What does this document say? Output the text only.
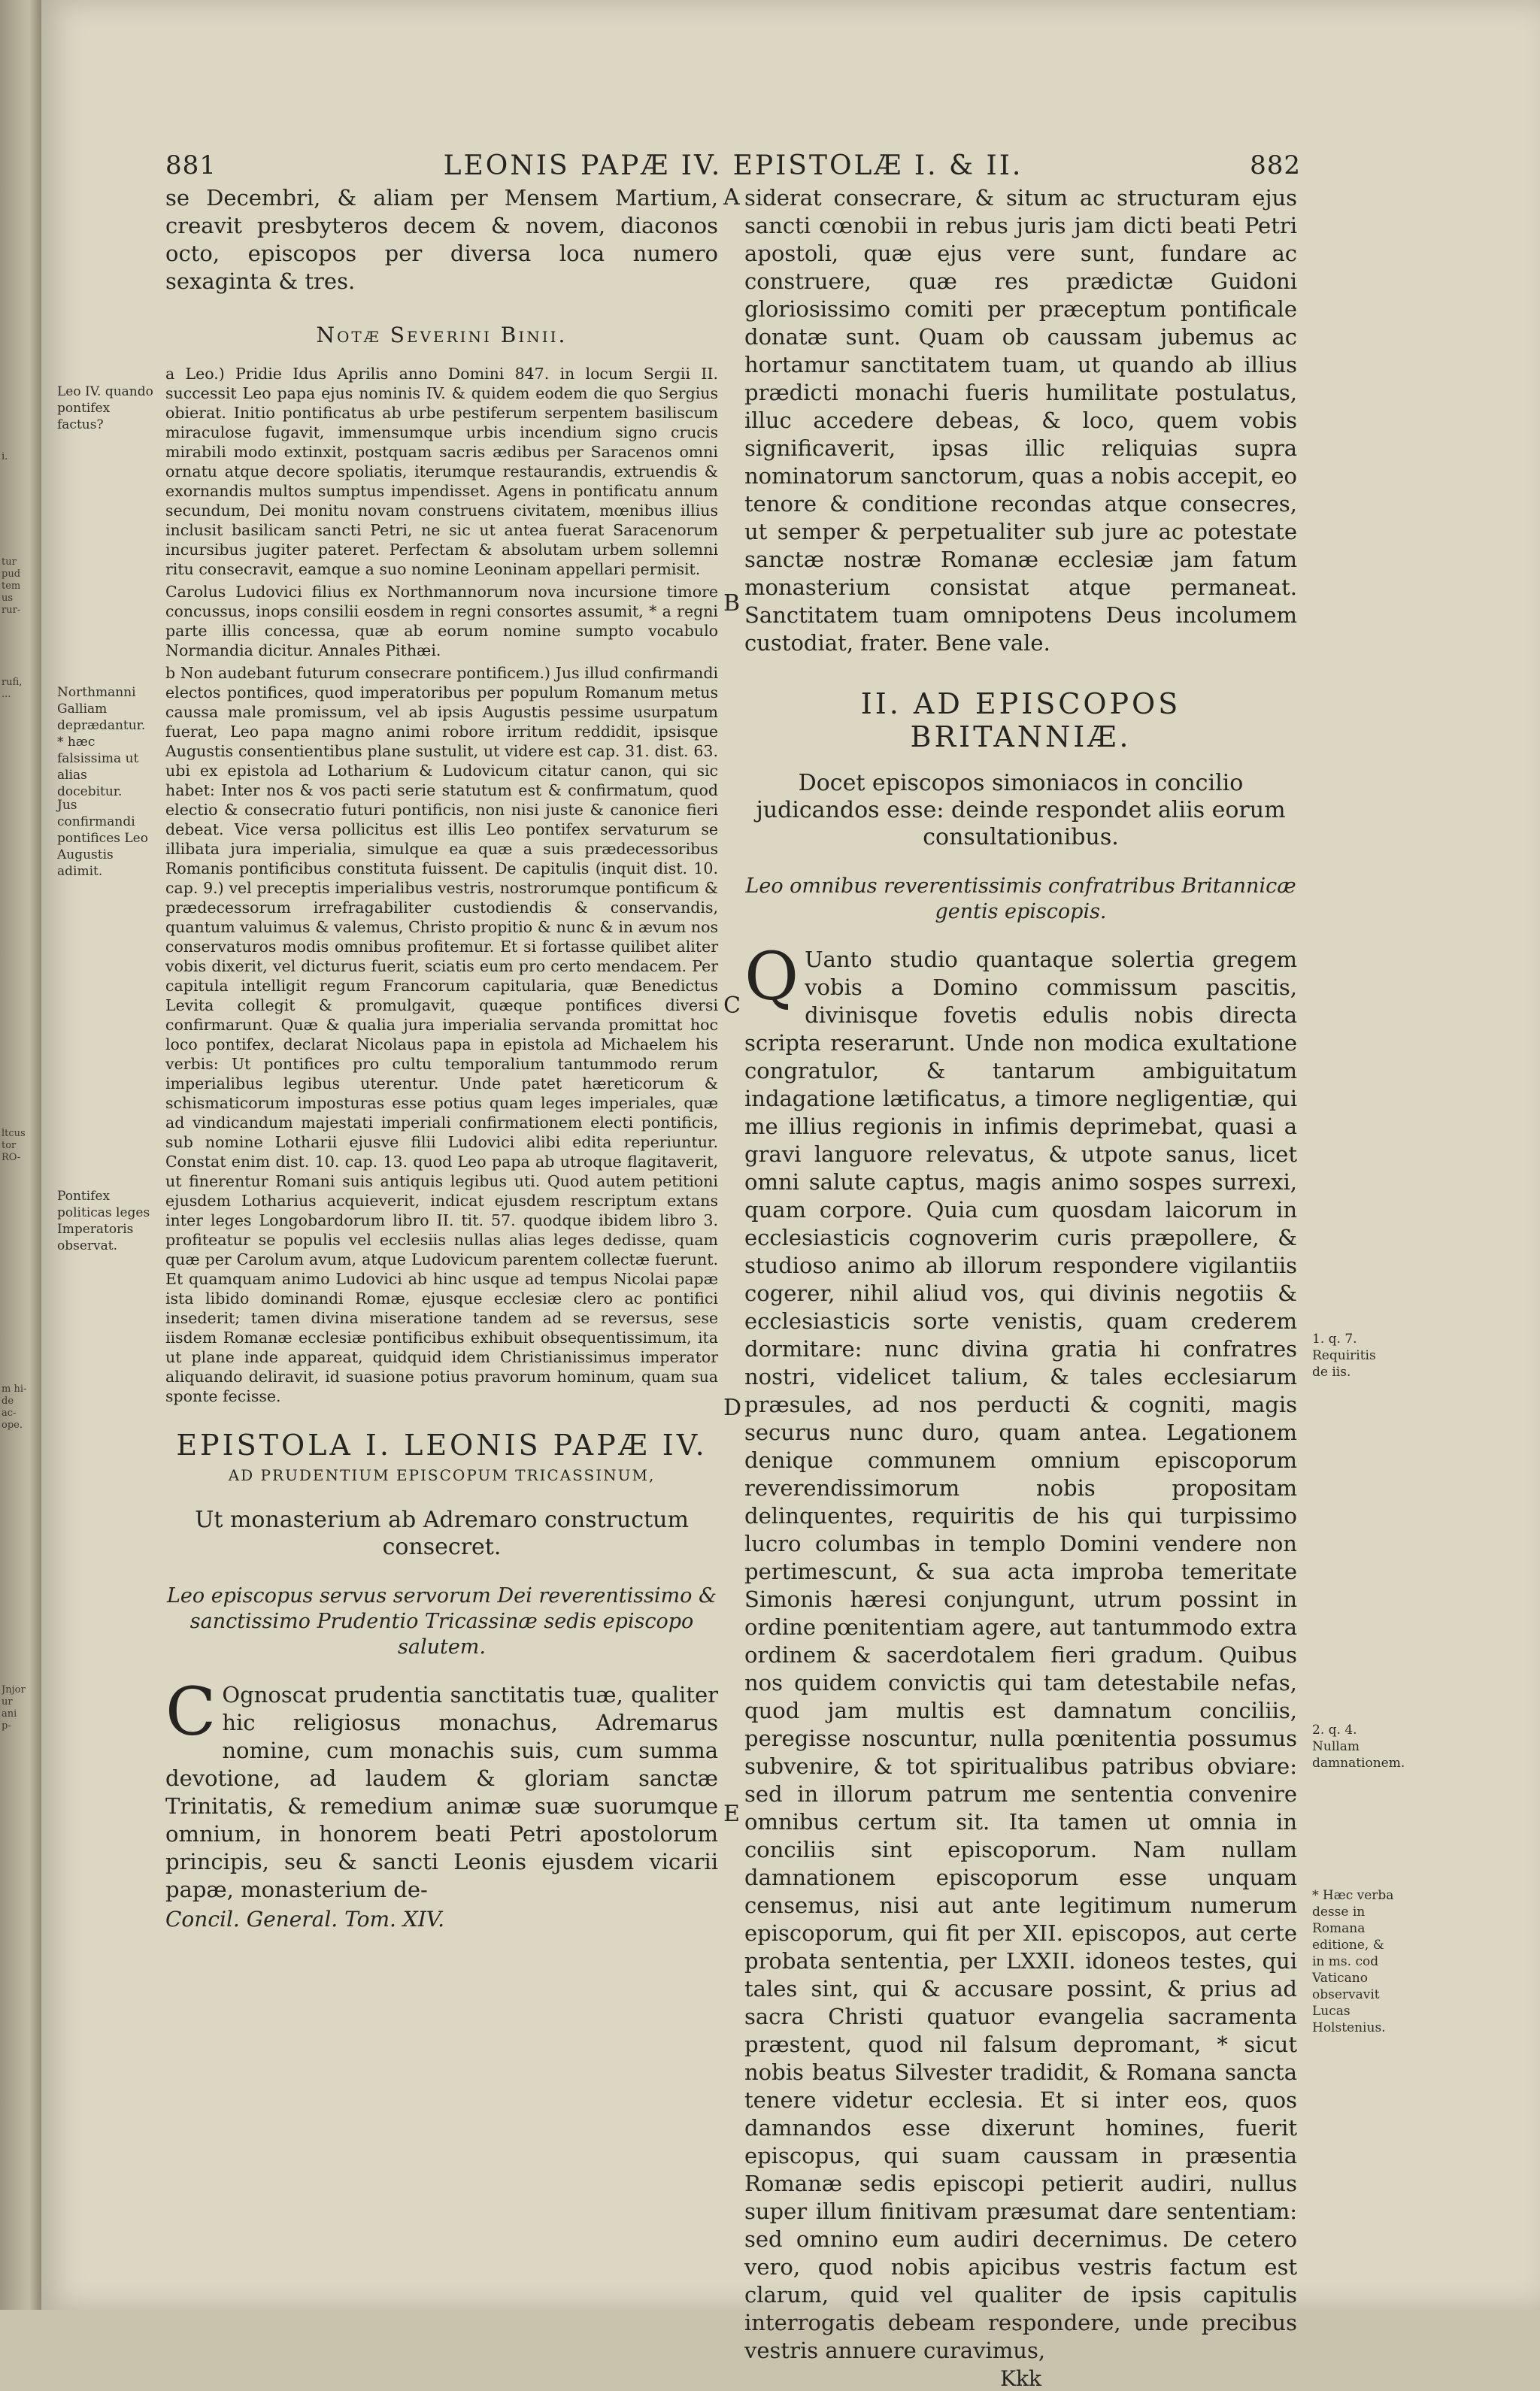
i.
tur pud tem us rur-
rufi, ...
ltcus tor RO-
m hi- de ac- ope.
Jnjor ur ani p-
881	LEONIS PAPÆ IV. EPISTOLÆ I. & II.	882

se Decembri, & aliam per Mensem Martium, creavit presbyteros decem & novem, diaconos octo, episcopos per diversa loca numero sexaginta & tres.

Notæ Severini Binii.

a Leo.) Pridie Idus Aprilis anno Domini 847. in locum Sergii II. successit Leo papa ejus nominis IV. & quidem eodem die quo Sergius obierat. Initio pontificatus ab urbe pestiferum serpentem basiliscum miraculose fugavit, immensumque urbis incendium signo crucis mirabili modo extinxit, postquam sacris ædibus per Saracenos omni ornatu atque decore spoliatis, iterumque restaurandis, extruendis & exornandis multos sumptus impendisset. Agens in pontificatu annum secundum, Dei monitu novam construens civitatem, mœnibus illius inclusit basilicam sancti Petri, ne sic ut antea fuerat Saracenorum incursibus jugiter pateret. Perfectam & absolutam urbem sollemni ritu consecravit, eamque a suo nomine Leoninam appellari permisit.

Carolus Ludovici filius ex Northmannorum nova incursione timore concussus, inops consilii eosdem in regni consortes assumit, * a regni parte illis concessa, quæ ab eorum nomine sumpto vocabulo Normandia dicitur. Annales Pithæi.

b Non audebant futurum consecrare pontificem.) Jus illud confirmandi electos pontifices, quod imperatoribus per populum Romanum metus caussa male promissum, vel ab ipsis Augustis pessime usurpatum fuerat, Leo papa magno animi robore irritum reddidit, ipsisque Augustis consentientibus plane sustulit, ut videre est cap. 31. dist. 63. ubi ex epistola ad Lotharium & Ludovicum citatur canon, qui sic habet: Inter nos & vos pacti serie statutum est & confirmatum, quod electio & consecratio futuri pontificis, non nisi juste & canonice fieri debeat. Vice versa pollicitus est illis Leo pontifex servaturum se illibata jura imperialia, simulque ea quæ a suis prædecessoribus Romanis pontificibus constituta fuissent. De capitulis (inquit dist. 10. cap. 9.) vel preceptis imperialibus vestris, nostrorumque pontificum & prædecessorum irrefragabiliter custodiendis & conservandis, quantum valuimus & valemus, Christo propitio & nunc & in ævum nos conservaturos modis omnibus profitemur. Et si fortasse quilibet aliter vobis dixerit, vel dicturus fuerit, sciatis eum pro certo mendacem. Per capitula intelligit regum Francorum capitularia, quæ Benedictus Levita collegit & promulgavit, quæque pontifices diversi confirmarunt. Quæ & qualia jura imperialia servanda promittat hoc loco pontifex, declarat Nicolaus papa in epistola ad Michaelem his verbis: Ut pontifices pro cultu temporalium tantummodo rerum imperialibus legibus uterentur. Unde patet hæreticorum & schismaticorum imposturas esse potius quam leges imperiales, quæ ad vindicandum majestati imperiali confirmationem electi pontificis, sub nomine Lotharii ejusve filii Ludovici alibi edita reperiuntur. Constat enim dist. 10. cap. 13. quod Leo papa ab utroque flagitaverit, ut finerentur Romani suis antiquis legibus uti. Quod autem petitioni ejusdem Lotharius acquieverit, indicat ejusdem rescriptum extans inter leges Longobardorum libro II. tit. 57. quodque ibidem libro 3. profiteatur se populis vel ecclesiis nullas alias leges dedisse, quam quæ per Carolum avum, atque Ludovicum parentem collectæ fuerunt. Et quamquam animo Ludovici ab hinc usque ad tempus Nicolai papæ ista libido dominandi Romæ, ejusque ecclesiæ clero ac pontifici insederit; tamen divina miseratione tandem ad se reversus, sese iisdem Romanæ ecclesiæ pontificibus exhibuit obsequentissimum, ita ut plane inde appareat, quidquid idem Christianissimus imperator aliquando deliravit, id suasione potius pravorum hominum, quam sua sponte fecisse.

EPISTOLA I. LEONIS PAPÆ IV.
AD PRUDENTIUM EPISCOPUM TRICASSINUM,
Ut monasterium ab Adremaro constructum consecret.
Leo episcopus servus servorum Dei reverentissimo & sanctissimo Prudentio Tricassinæ sedis episcopo salutem.

C Ognoscat prudentia sanctitatis tuæ, qualiter hic religiosus monachus, Adremarus nomine, cum monachis suis, cum summa devotione, ad laudem & gloriam sanctæ Trinitatis, & remedium animæ suæ suorumque omnium, in honorem beati Petri apostolorum principis, seu & sancti Leonis ejusdem vicarii papæ, monasterium de-

Concil. General. Tom. XIV.
Leo IV. quando pontifex factus?
Northmanni Galliam deprædantur. * hæc falsissima ut alias docebitur.
Jus confirmandi pontifices Leo Augustis adimit.
Pontifex politicas leges Imperatoris observat.
A
B
C
D
E

siderat consecrare, & situm ac structuram ejus sancti cœnobii in rebus juris jam dicti beati Petri apostoli, quæ ejus vere sunt, fundare ac construere, quæ res prædictæ Guidoni gloriosissimo comiti per præceptum pontificale donatæ sunt. Quam ob caussam jubemus ac hortamur sanctitatem tuam, ut quando ab illius prædicti monachi fueris humilitate postulatus, illuc accedere debeas, & loco, quem vobis significaverit, ipsas illic reliquias supra nominatorum sanctorum, quas a nobis accepit, eo tenore & conditione recondas atque consecres, ut semper & perpetualiter sub jure ac potestate sanctæ nostræ Romanæ ecclesiæ jam fatum monasterium consistat atque permaneat. Sanctitatem tuam omnipotens Deus incolumem custodiat, frater. Bene vale.

II. AD EPISCOPOS BRITANNIÆ.
Docet episcopos simoniacos in concilio judicandos esse: deinde respondet aliis eorum consultationibus.
Leo omnibus reverentissimis confratribus Britannicæ gentis episcopis.

Q Uanto studio quantaque solertia gregem vobis a Domino commissum pascitis, divinisque fovetis edulis nobis directa scripta reserarunt. Unde non modica exultatione congratulor, & tantarum ambiguitatum indagatione lætificatus, a timore negligentiæ, qui me illius regionis in infimis deprimebat, quasi a gravi languore relevatus, & utpote sanus, licet omni salute captus, magis animo sospes surrexi, quam corpore. Quia cum quosdam laicorum in ecclesiasticis cognoverim curis præpollere, & studioso animo ab illorum respondere vigilantiis cogerer, nihil aliud vos, qui divinis negotiis & ecclesiasticis sorte venistis, quam crederem dormitare: nunc divina gratia hi confratres nostri, videlicet talium, & tales ecclesiarum præsules, ad nos perducti & cogniti, magis securus nunc duro, quam antea. Legationem denique communem omnium episcoporum reverendissimorum nobis propositam delinquentes, requiritis de his qui turpissimo lucro columbas in templo Domini vendere non pertimescunt, & sua acta improba temeritate Simonis hæresi conjungunt, utrum possint in ordine pœnitentiam agere, aut tantummodo extra ordinem & sacerdotalem fieri gradum. Quibus nos quidem convictis qui tam detestabile nefas, quod jam multis est damnatum conciliis, peregisse noscuntur, nulla pœnitentia possumus subvenire, & tot spiritualibus patribus obviare: sed in illorum patrum me sententia convenire omnibus certum sit. Ita tamen ut omnia in conciliis sint episcoporum. Nam nullam damnationem episcoporum esse unquam censemus, nisi aut ante legitimum numerum episcoporum, qui fit per XII. episcopos, aut certe probata sententia, per LXXII. idoneos testes, qui tales sint, qui & accusare possint, & prius ad sacra Christi quatuor evangelia sacramenta præstent, quod nil falsum depromant, * sicut nobis beatus Silvester tradidit, & Romana sancta tenere videtur ecclesia. Et si inter eos, quos damnandos esse dixerunt homines, fuerit episcopus, qui suam caussam in præsentia Romanæ sedis episcopi petierit audiri, nullus super illum finitivam præsumat dare sententiam: sed omnino eum audiri decernimus. De cetero vero, quod nobis apicibus vestris factum est clarum, quid vel qualiter de ipsis capitulis interrogatis debeam respondere, unde precibus vestris annuere curavimus,

Kkk
1. q. 7. Requiritis de iis.
2. q. 4. Nullam damnationem.
* Hæc verba desse in Romana editione, & in ms. cod Vaticano observavit Lucas Holstenius.
